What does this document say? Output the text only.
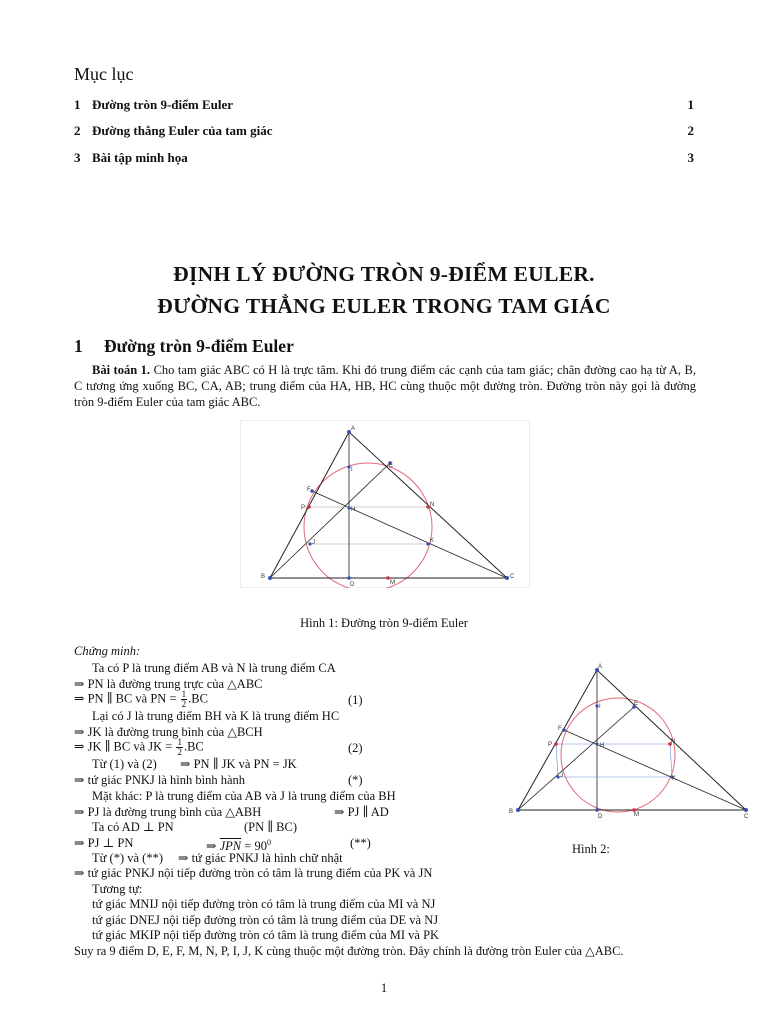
Mục lục
1 Đường tròn 9-điểm Euler	1
2 Đường thẳng Euler của tam giác	2
3 Bài tập minh họa	3
ĐỊNH LÝ ĐƯỜNG TRÒN 9-ĐIỂM EULER.
ĐƯỜNG THẲNG EULER TRONG TAM GIÁC
1 Đường tròn 9-điểm Euler
Bài toán 1. Cho tam giác ABC có H là trực tâm. Khi đó trung điểm các cạnh của tam giác; chân đường cao hạ từ A, B, C tương ứng xuống BC, CA, AB; trung điểm của HA, HB, HC cùng thuộc một đường tròn. Đường tròn này gọi là đường tròn 9-điểm Euler của tam giác ABC.
A
B	C
D
E
F
I
H
J	K
M
N
P
Hình 1: Đường tròn 9-điểm Euler
Chứng minh:
Ta có P là trung điểm AB và N là trung điểm CA
⇒ PN là đường trung trực của △ABC
⇒ PN ∥ BC và PN = $\frac{1}{2} .BC$	(1)
Lại có J là trung điểm BH và K là trung điểm HC
⇒ JK là đường trung bình của △BCH
⇒ JK ∥ BC và JK = $\frac{1}{2} .BC$	(2)
Từ (1) và (2) ⇒ PN ∥ JK và PN = JK
⇒ tứ giác PNKJ là hình bình hành	(*)
Mặt khác: P là trung điểm của AB và J là trung điểm của BH
⇒ PJ là đường trung bình của △ABH	⇒ PJ ∥ AD
Ta có AD ⊥ PN	(PN ∥ BC)
⇒ PJ ⊥ PN	⇒ $\overline{JPN} = 90^0$	(**)
Từ (*) và (**) ⇒ tứ giác PNKJ là hình chữ nhật
⇒ tứ giác PNKJ nội tiếp đường tròn có tâm là trung điểm của PK và JN
Tương tự:
tứ giác MNIJ nội tiếp đường tròn có tâm là trung điểm của MI và NJ
tứ giác DNEJ nội tiếp đường tròn có tâm là trung điểm của DE và NJ
tứ giác MKIP nội tiếp đường tròn có tâm là trung điểm của MI và PK
Suy ra 9 điểm D, E, F, M, N, P, I, J, K cùng thuộc một đường tròn. Đây chính là đường tròn Euler của △ABC.
A
B
C
D
E
F
I
H
J	K
M
N
P
Hình 2:
1
